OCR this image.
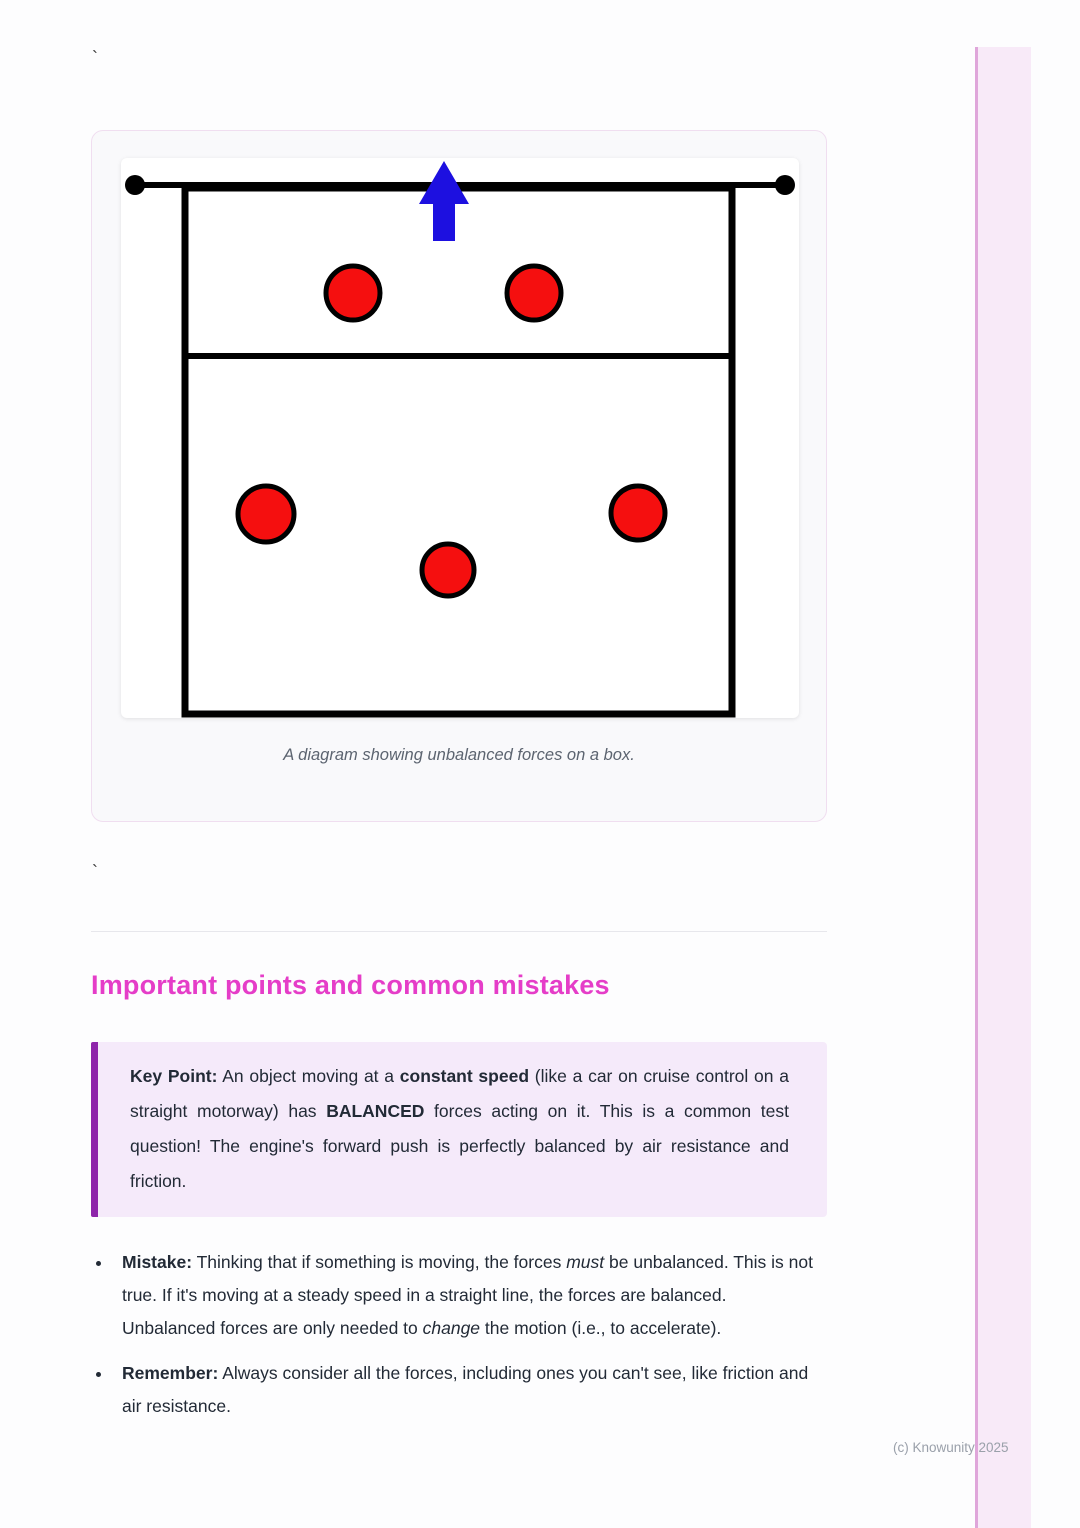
`
A diagram showing unbalanced forces on a box.
`
Important points and common mistakes

Key Point: An object moving at a constant speed (like a car on cruise control on a straight motorway) has BALANCED forces acting on it. This is a common test question! The engine's forward push is perfectly balanced by air resistance and friction.

• Mistake: Thinking that if something is moving, the forces must be unbalanced. This is not true. If it's moving at a steady speed in a straight line, the forces are balanced. Unbalanced forces are only needed to change the motion (i.e., to accelerate).
• Remember: Always consider all the forces, including ones you can't see, like friction and air resistance.
(c) Knowunity 2025
